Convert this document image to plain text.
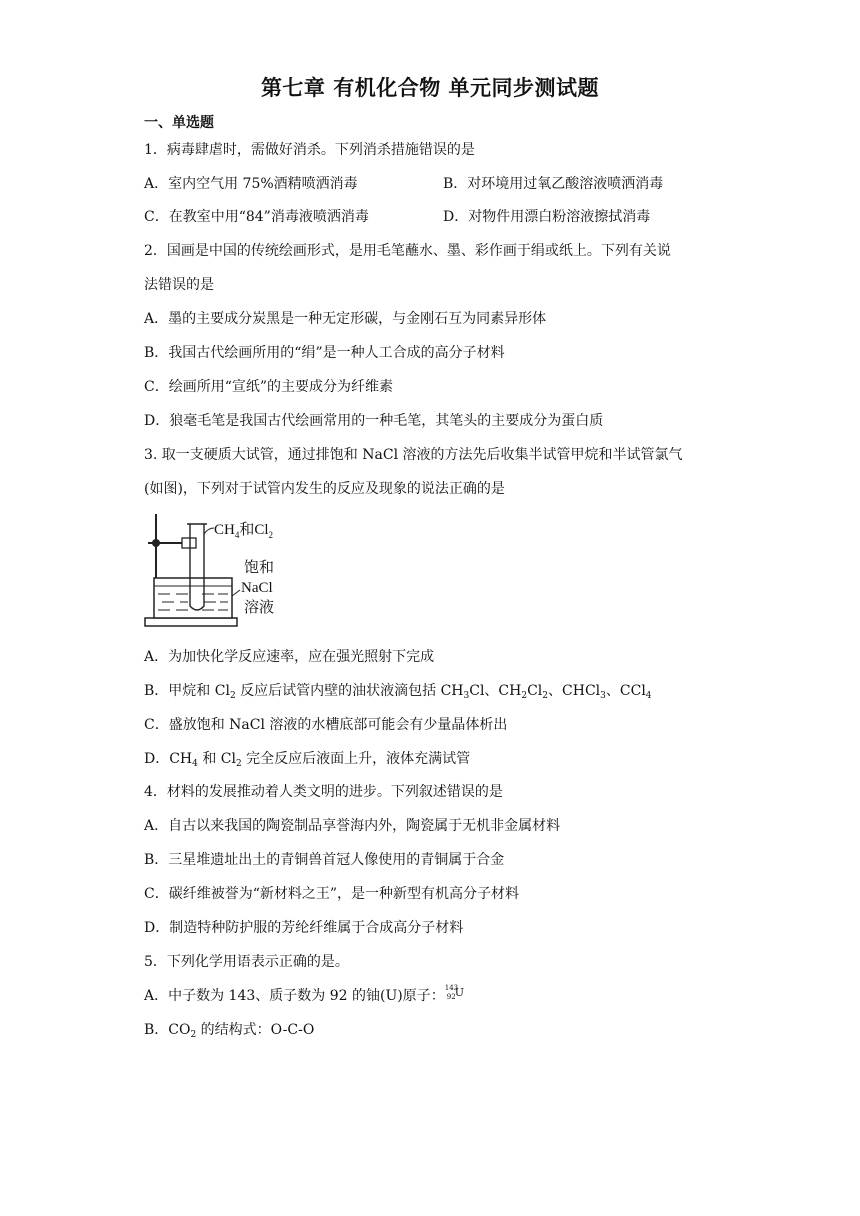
第七章 有机化合物 单元同步测试题
一、单选题
1．病毒肆虐时，需做好消杀。下列消杀措施错误的是
A．室内空气用 75%酒精喷洒消毒	B．对环境用过氧乙酸溶液喷洒消毒
C．在教室中用“84”消毒液喷洒消毒	D．对物件用漂白粉溶液擦拭消毒
2．国画是中国的传统绘画形式，是用毛笔蘸水、墨、彩作画于绢或纸上。下列有关说
法错误的是
A．墨的主要成分炭黑是一种无定形碳，与金刚石互为同素异形体
B．我国古代绘画所用的“绢”是一种人工合成的高分子材料
C．绘画所用“宣纸”的主要成分为纤维素
D．狼毫毛笔是我国古代绘画常用的一种毛笔，其笔头的主要成分为蛋白质
3. 取一支硬质大试管，通过排饱和 NaCl 溶液的方法先后收集半试管甲烷和半试管氯气
(如图)，下列对于试管内发生的反应及现象的说法正确的是
$CH_4$和$Cl_2$
饱和
NaCl
溶液
A．为加快化学反应速率，应在强光照射下完成
B．甲烷和 $Cl_2$ 反应后试管内壁的油状液滴包括 $CH_3Cl$、$CH_2Cl_2$、CHCl$_3$、CCl$_4$
C．盛放饱和 NaCl 溶液的水槽底部可能会有少量晶体析出
D．$CH_4$ 和 $Cl_2$ 完全反应后液面上升，液体充满试管
4．材料的发展推动着人类文明的进步。下列叙述错误的是
A．自古以来我国的陶瓷制品享誉海内外，陶瓷属于无机非金属材料
B．三星堆遗址出土的青铜兽首冠人像使用的青铜属于合金
C．碳纤维被誉为“新材料之王”，是一种新型有机高分子材料
D．制造特种防护服的芳纶纤维属于合成高分子材料
5．下列化学用语表示正确的是。
A．中子数为 143、质子数为 92 的铀(U)原子： 143
92 U
B．$CO_2$ 的结构式：O-C-O
